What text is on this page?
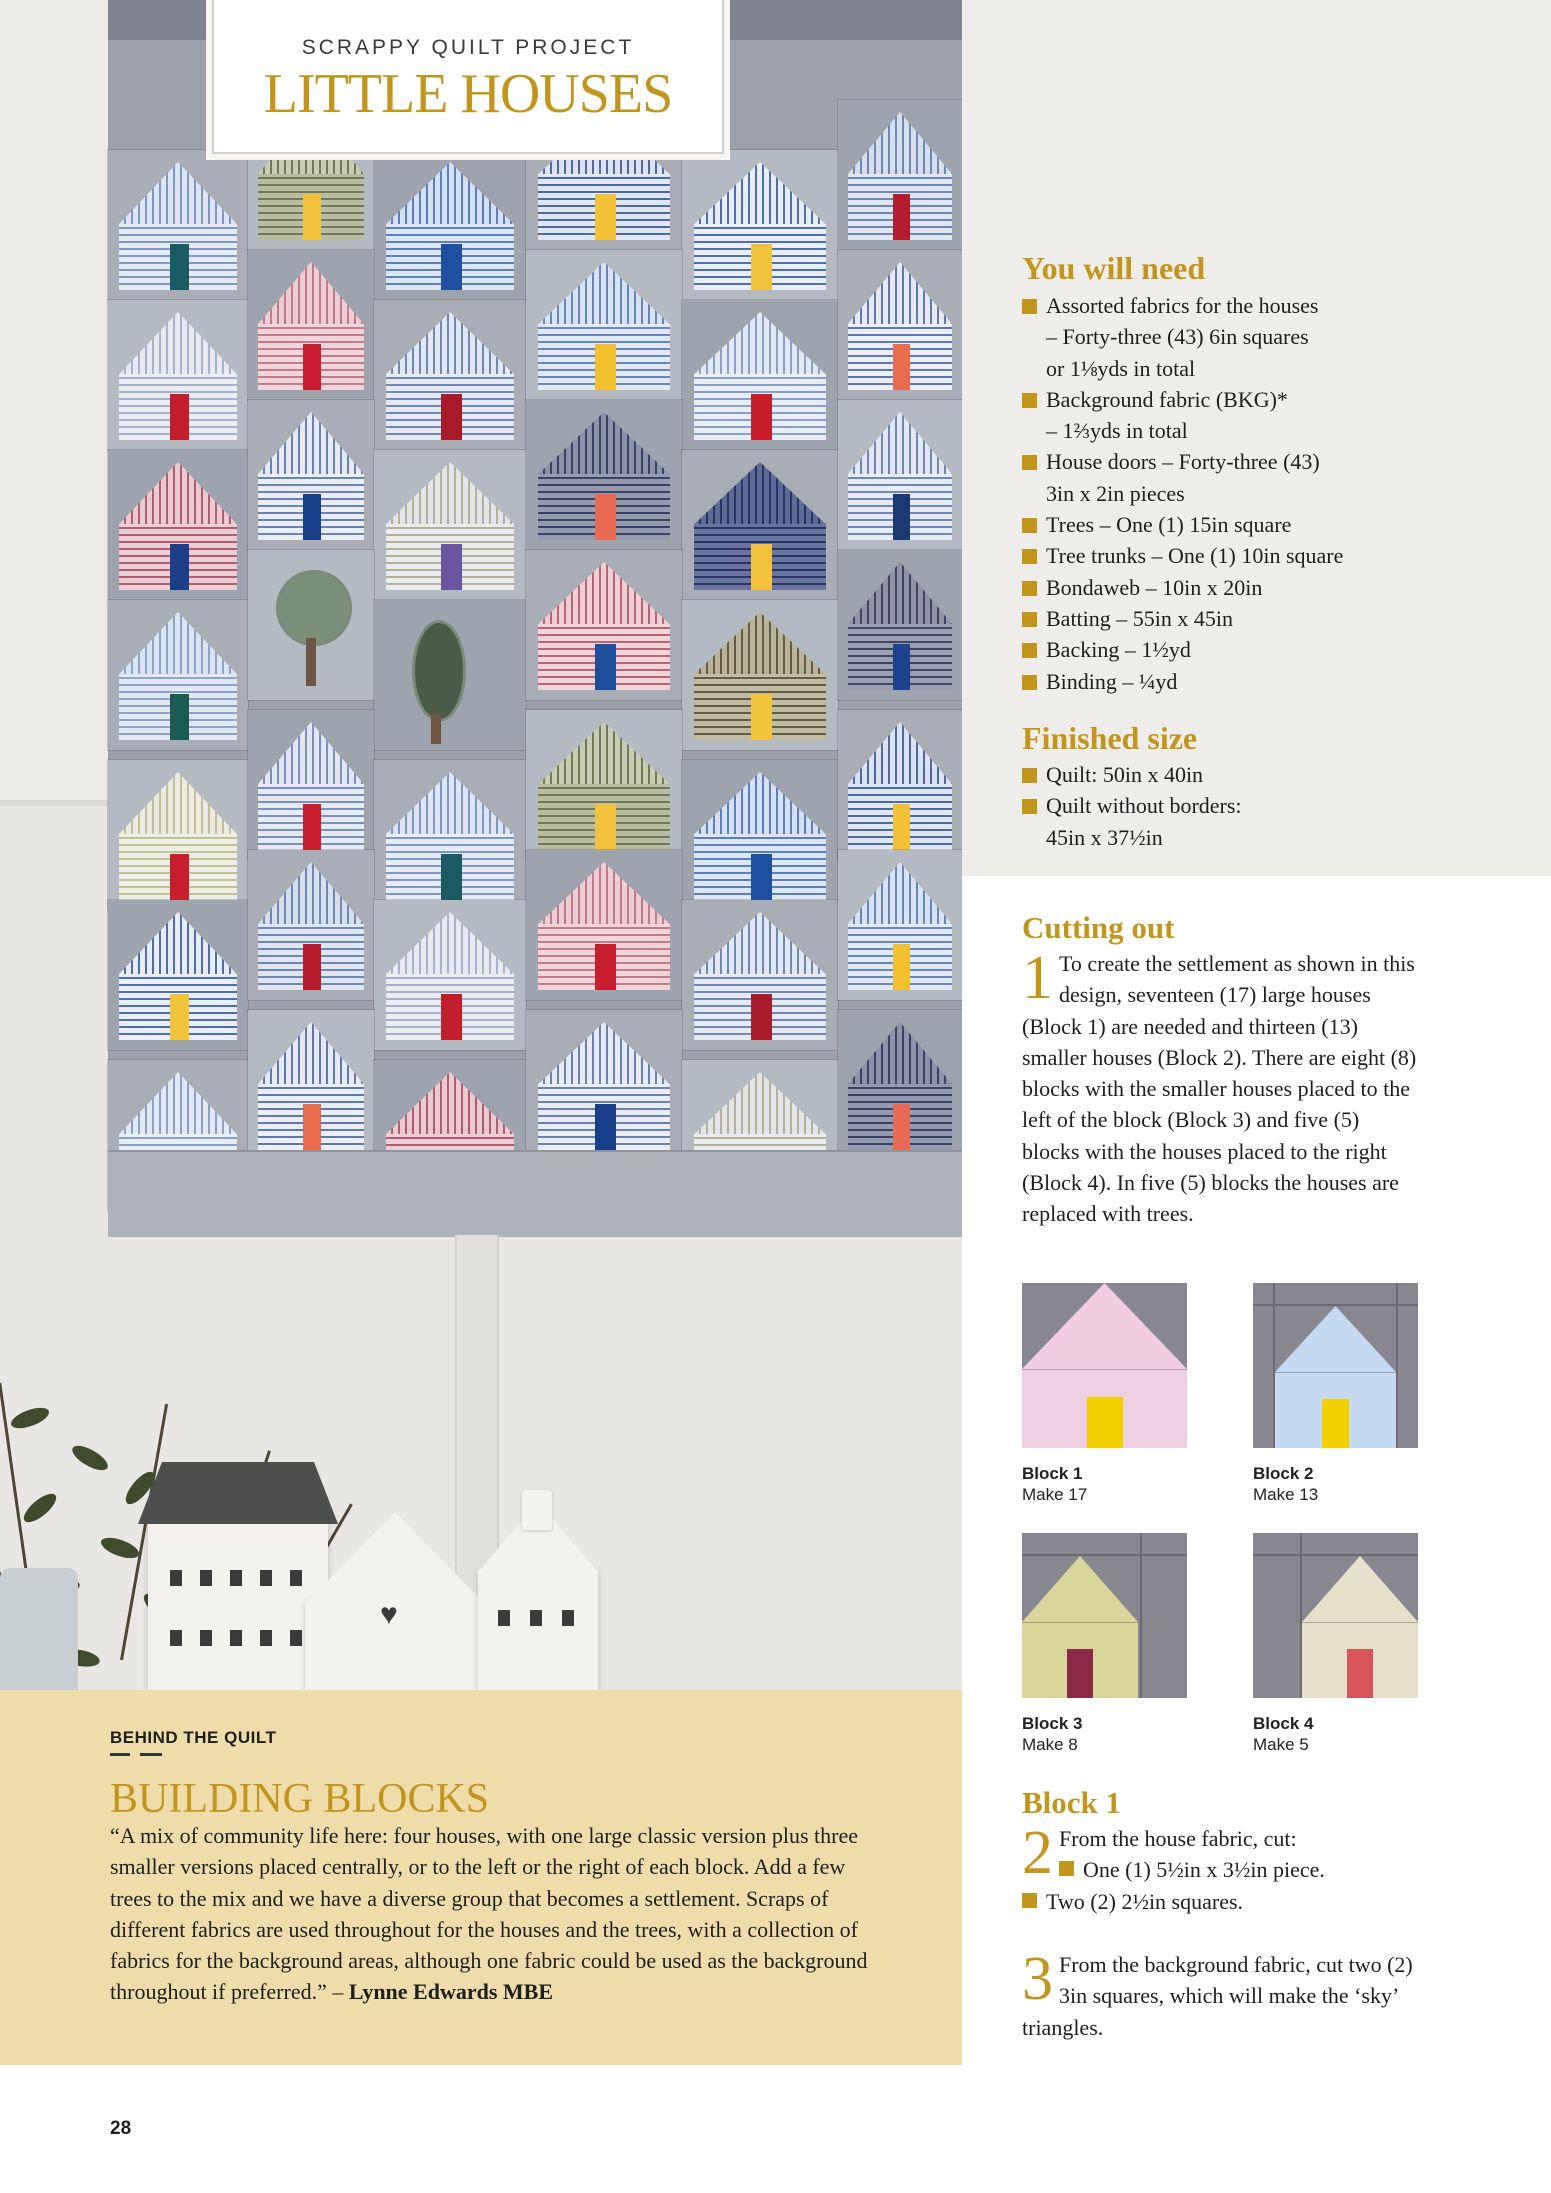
♥
SCRAPPY QUILT PROJECT
LITTLE HOUSES
You will need
Assorted fabrics for the houses
– Forty-three (43) 6in squares
or 1⅛yds in total
Background fabric (BKG)*
– 1⅔yds in total
House doors – Forty-three (43)
3in x 2in pieces
Trees – One (1) 15in square
Tree trunks – One (1) 10in square
Bondaweb – 10in x 20in
Batting – 55in x 45in
Backing – 1½yd
Binding – ¼yd
Finished size
Quilt: 50in x 40in
Quilt without borders:
45in x 37½in
Cutting out
1 To create the settlement as shown in this design, seventeen (17) large houses (Block 1) are needed and thirteen (13) smaller houses (Block 2). There are eight (8) blocks with the smaller houses placed to the left of the block (Block 3) and five (5) blocks with the houses placed to the right (Block 4). In five (5) blocks the houses are replaced with trees.
Block 1
Make 17
Block 2
Make 13
Block 3
Make 8
Block 4
Make 5
Block 1
2 From the house fabric, cut:

One (1) 5½in x 3½in piece.

Two (2) 2½in squares.
3 From the background fabric, cut two (2) 3in squares, which will make the ‘sky’ triangles.
BEHIND THE QUILT
BUILDING BLOCKS
“A mix of community life here: four houses, with one large classic version plus three smaller versions placed centrally, or to the left or the right of each block. Add a few trees to the mix and we have a diverse group that becomes a settlement. Scraps of different fabrics are used throughout for the houses and the trees, with a collection of fabrics for the background areas, although one fabric could be used as the background throughout if preferred.” – Lynne Edwards MBE
28
